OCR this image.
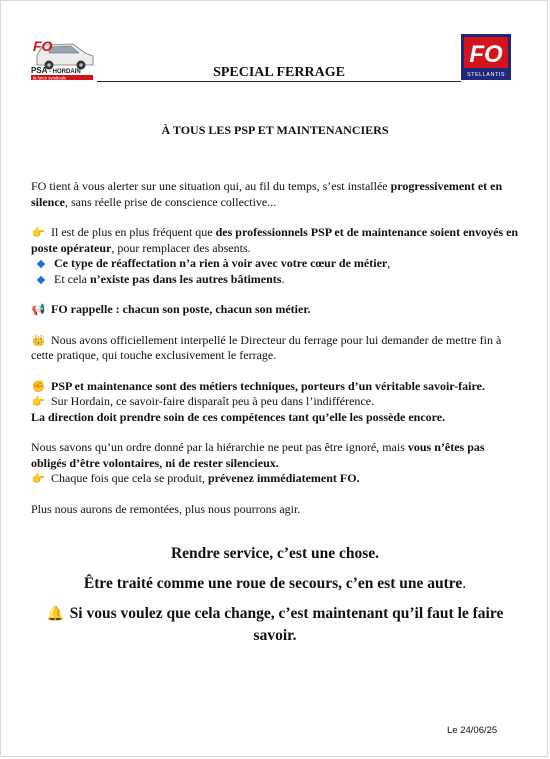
FO
PSA - HORDAIN
la force syndicale	SPECIAL FERRAGE
FO
STELLANTIS
À TOUS LES PSP ET MAINTENANCIERS

FO tient à vous alerter sur une situation qui, au fil du temps, s’est installée progressivement et en silence, sans réelle prise de conscience collective...

👉 Il est de plus en plus fréquent que des professionnels PSP et de maintenance soient envoyés en poste opérateur, pour remplacer des absents.

Ce type de réaffectation n’a rien à voir avec votre cœur de métier,
Et cela n’existe pas dans les autres bâtiments.

📢 FO rappelle : chacun son poste, chacun son métier.

👑 Nous avons officiellement interpellé le Directeur du ferrage pour lui demander de mettre fin à cette pratique, qui touche exclusivement le ferrage.

✊ PSP et maintenance sont des métiers techniques, porteurs d’un véritable savoir-faire.

👉 Sur Hordain, ce savoir-faire disparaît peu à peu dans l’indifférence.

La direction doit prendre soin de ces compétences tant qu’elle les possède encore.

Nous savons qu’un ordre donné par la hiérarchie ne peut pas être ignoré, mais vous n’êtes pas obligés d’être volontaires, ni de rester silencieux.

👉 Chaque fois que cela se produit, prévenez immédiatement FO.

Plus nous aurons de remontées, plus nous pourrons agir.

Rendre service, c’est une chose.

Être traité comme une roue de secours, c’en est une autre.

🔔 Si vous voulez que cela change, c’est maintenant qu’il faut le faire savoir.

Le 24/06/25
